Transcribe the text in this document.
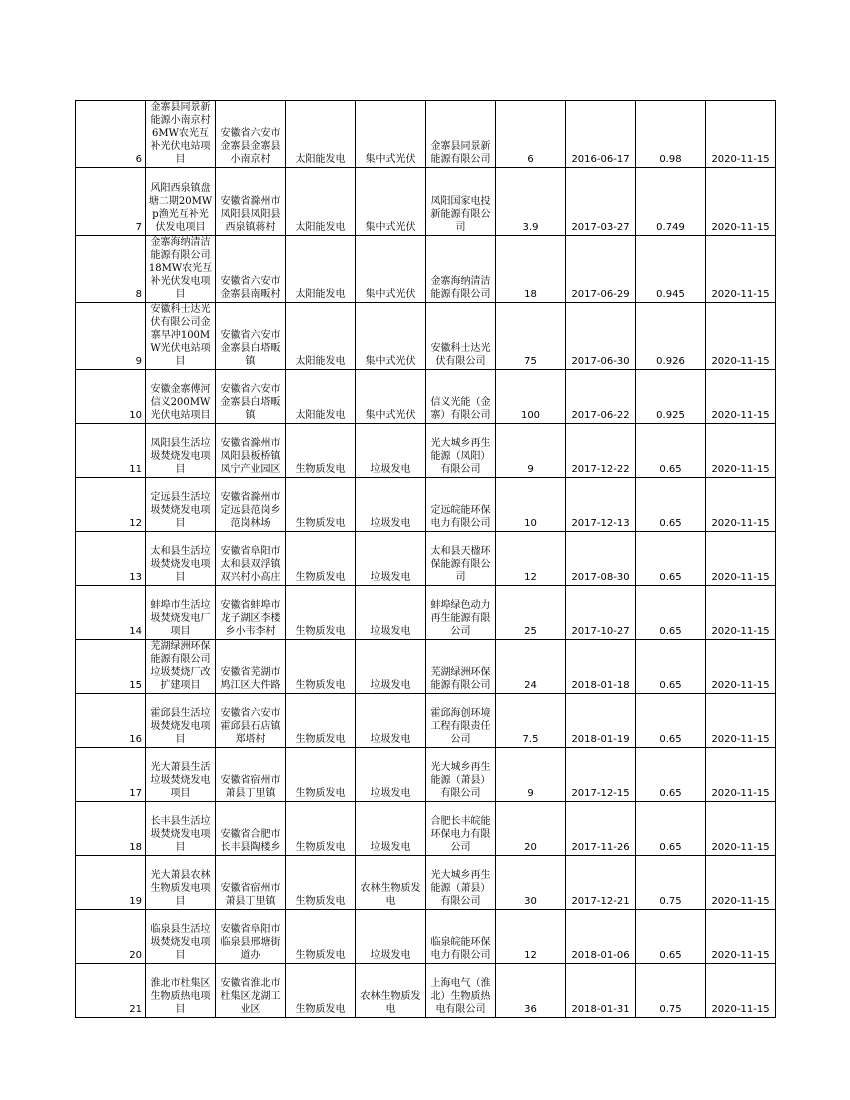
6	金寨县同景新能源小南京村6MW农光互补光伏电站项目	安徽省六安市金寨县金寨县小南京村	太阳能发电	集中式光伏	金寨县同景新能源有限公司	6	2016-06-17	0.98	2020-11-15
7	风阳西泉镇盘塘二期20MWp渔光互补光伏发电项目	安徽省滁州市凤阳县凤阳县西泉镇蒋村	太阳能发电	集中式光伏	凤阳国家电投新能源有限公司	3.9	2017-03-27	0.749	2020-11-15
8	金寨海纳清洁能源有限公司18MW农光互补光伏发电项目	安徽省六安市金寨县南畈村	太阳能发电	集中式光伏	金寨海纳清洁能源有限公司	18	2017-06-29	0.945	2020-11-15
9	安徽科士达光伏有限公司金寨早冲100MW光伏电站项目	安徽省六安市金寨县白塔畈镇	太阳能发电	集中式光伏	安徽科士达光伏有限公司	75	2017-06-30	0.926	2020-11-15
10	安徽金寨傅河信义200MW光伏电站项目	安徽省六安市金寨县白塔畈镇	太阳能发电	集中式光伏	信义光能（金寨）有限公司	100	2017-06-22	0.925	2020-11-15
11	凤阳县生活垃圾焚烧发电项目	安徽省滁州市凤阳县板桥镇凤宁产业园区	生物质发电	垃圾发电	光大城乡再生能源（凤阳）有限公司	9	2017-12-22	0.65	2020-11-15
12	定远县生活垃圾焚烧发电项目	安徽省滁州市定远县范岗乡范岗林场	生物质发电	垃圾发电	定远皖能环保电力有限公司	10	2017-12-13	0.65	2020-11-15
13	太和县生活垃圾焚烧发电项目	安徽省阜阳市太和县双浮镇双兴村小高庄	生物质发电	垃圾发电	太和县天楹环保能源有限公司	12	2017-08-30	0.65	2020-11-15
14	蚌埠市生活垃圾焚烧发电厂项目	安徽省蚌埠市龙子湖区李楼乡小韦李村	生物质发电	垃圾发电	蚌埠绿色动力再生能源有限公司	25	2017-10-27	0.65	2020-11-15
15	芜湖绿洲环保能源有限公司垃圾焚烧厂改扩建项目	安徽省芜湖市鸠江区大件路	生物质发电	垃圾发电	芜湖绿洲环保能源有限公司	24	2018-01-18	0.65	2020-11-15
16	霍邱县生活垃圾焚烧发电项目	安徽省六安市霍邱县石店镇郑塔村	生物质发电	垃圾发电	霍邱海创环境工程有限责任公司	7.5	2018-01-19	0.65	2020-11-15
17	光大萧县生活垃圾焚烧发电项目	安徽省宿州市萧县丁里镇	生物质发电	垃圾发电	光大城乡再生能源（萧县）有限公司	9	2017-12-15	0.65	2020-11-15
18	长丰县生活垃圾焚烧发电项目	安徽省合肥市长丰县陶楼乡	生物质发电	垃圾发电	合肥长丰皖能环保电力有限公司	20	2017-11-26	0.65	2020-11-15
19	光大萧县农林生物质发电项目	安徽省宿州市萧县丁里镇	生物质发电	农林生物质发电	光大城乡再生能源（萧县）有限公司	30	2017-12-21	0.75	2020-11-15
20	临泉县生活垃圾焚烧发电项目	安徽省阜阳市临泉县邢塘街道办	生物质发电	垃圾发电	临泉皖能环保电力有限公司	12	2018-01-06	0.65	2020-11-15
21	淮北市杜集区生物质热电项目	安徽省淮北市杜集区龙湖工业区	生物质发电	农林生物质发电	上海电气（淮北）生物质热电有限公司	36	2018-01-31	0.75	2020-11-15
